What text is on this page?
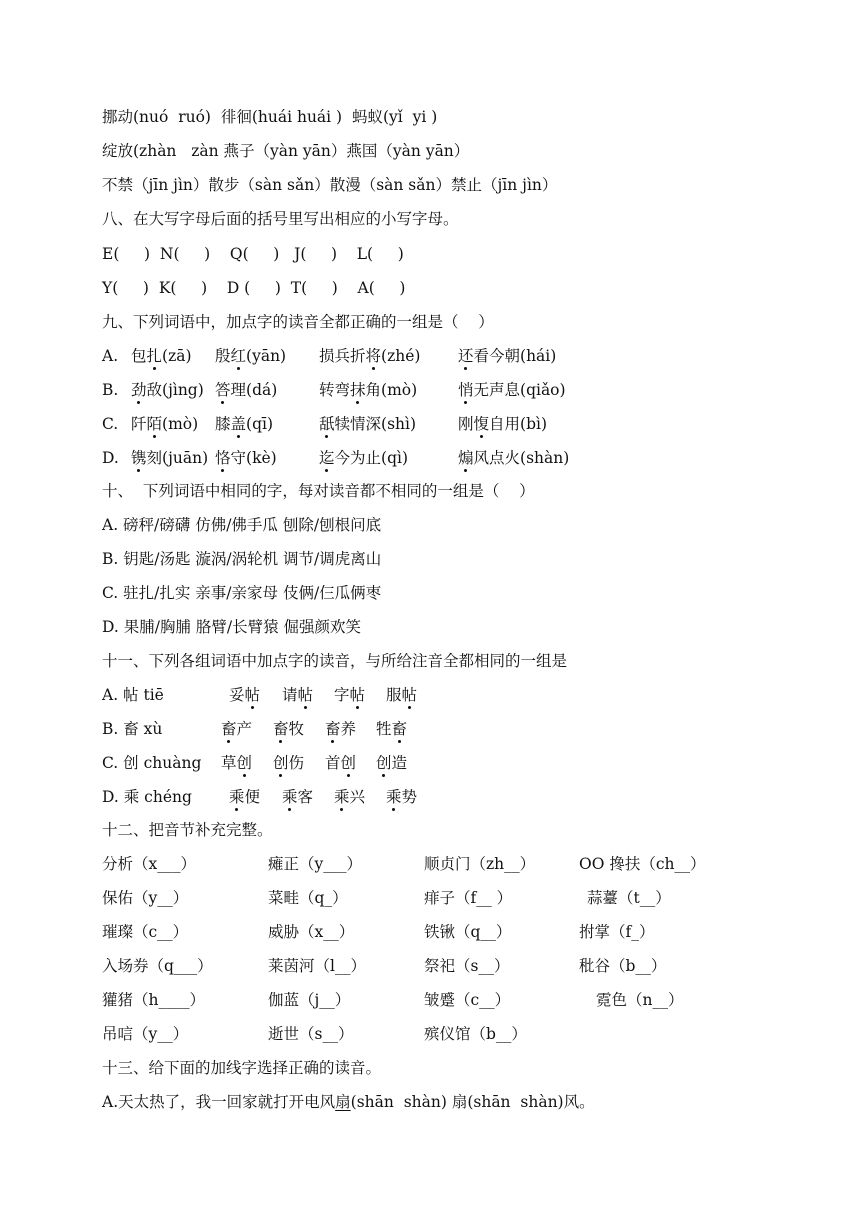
挪动(nuó  ruó)  徘徊(huái huái )  蚂蚁(yǐ  yi )
绽放(zhàn   zàn 燕子（yàn yān）燕国（yàn yān）
不禁（jīn jìn）散步（sàn sǎn）散漫（sàn sǎn）禁止（jīn jìn）
八、在大写字母后面的括号里写出相应的小写字母。
E(     )  N(     )    Q(     )   J(     )    L(     )
Y(     )  K(     )    D (     )  T(     )    A(     )
九、下列词语中，加点字的读音全都正确的一组是（    ）
A. 包扎(zā) 殷红(yān) 损兵折将(zhé) 还看今朝(hái)
B. 劲敌(jìng) 答理(dá)	转弯抹角(mò)	悄无声息(qiǎo)
C. 阡陌(mò) 膝盖(qī)	舐犊情深(shì)	刚愎自用(bì)
D. 镌刻(juān) 恪守(kè)	迄今为止(qì)	煽风点火(shàn)
十、  下列词语中相同的字，每对读音都不相同的一组是（    ）
A. 磅秤/磅礴 仿佛/佛手瓜 刨除/刨根问底
B. 钥匙/汤匙 漩涡/涡轮机 调节/调虎离山
C. 驻扎/扎实 亲事/亲家母 伎俩/仨瓜俩枣
D. 果脯/胸脯 胳臂/长臂猿 倔强颜欢笑
十一、下列各组词语中加点字的读音，与所给注音全都相同的一组是
A. 帖 tiē	妥帖 请帖 字帖 服帖
B. 畜 xù	畜产 畜牧 畜养 牲畜
C. 创 chuàng 草创 创伤 首创 创造
D. 乘 chéng 乘便 乘客 乘兴 乘势
十二、把音节补充完整。
分析（x___）	瘫正（y___）	顺贞门（zh__）	OO 搀扶（ch__）
保佑（y__）	菜畦（q_）	痱子（f__ ）	蒜薹（t__）
璀璨（c__）	威胁（x__）	铁锹（q__）	拊掌（f_）
入场券（q___）	莱茵河（l__）	祭祀（s__）	秕谷（b__）
獾猪（h____）	伽蓝（j__）	皱蹙（c__）	霓色（n__）
吊唁（y__）	逝世（s__）	殡仪馆（b__）
十三、给下面的加线字选择正确的读音。
A.天太热了，我一回家就打开电风扇(shān  shàn) 扇(shān  shàn)风。
